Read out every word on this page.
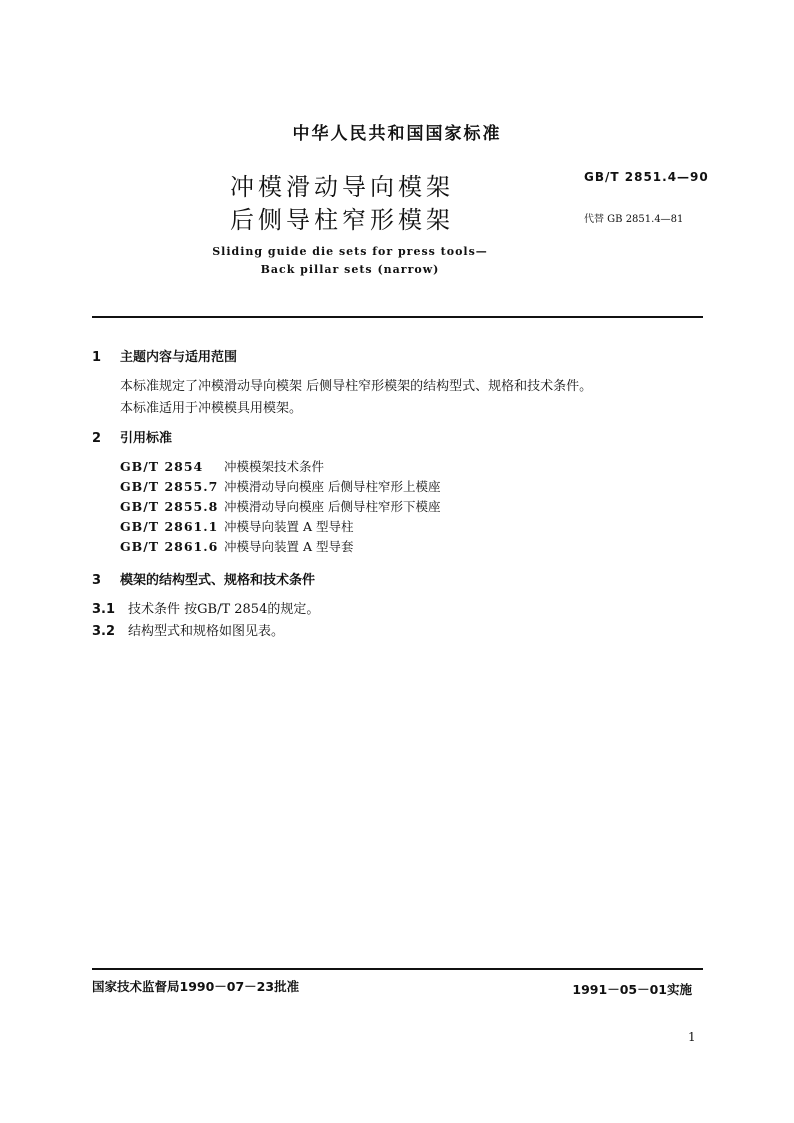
中华人民共和国国家标准
冲模滑动导向模架
后侧导柱窄形模架
GB/T 2851.4—90
代替 GB 2851.4—81
Sliding guide die sets for press tools—
Back pillar sets (narrow)
1 主题内容与适用范围
本标准规定了冲模滑动导向模架 后侧导柱窄形模架的结构型式、规格和技术条件。
本标准适用于冲模模具用模架。
2 引用标准
GB/T 2854 冲模模架技术条件
GB/T 2855.7 冲模滑动导向模座 后侧导柱窄形上模座
GB/T 2855.8 冲模滑动导向模座 后侧导柱窄形下模座
GB/T 2861.1 冲模导向装置 A 型导柱
GB/T 2861.6 冲模导向装置 A 型导套
3 模架的结构型式、规格和技术条件
3.1 技术条件 按GB/T 2854的规定。
3.2 结构型式和规格如图见表。
国家技术监督局1990－07－23批准	1991－05－01实施
1
